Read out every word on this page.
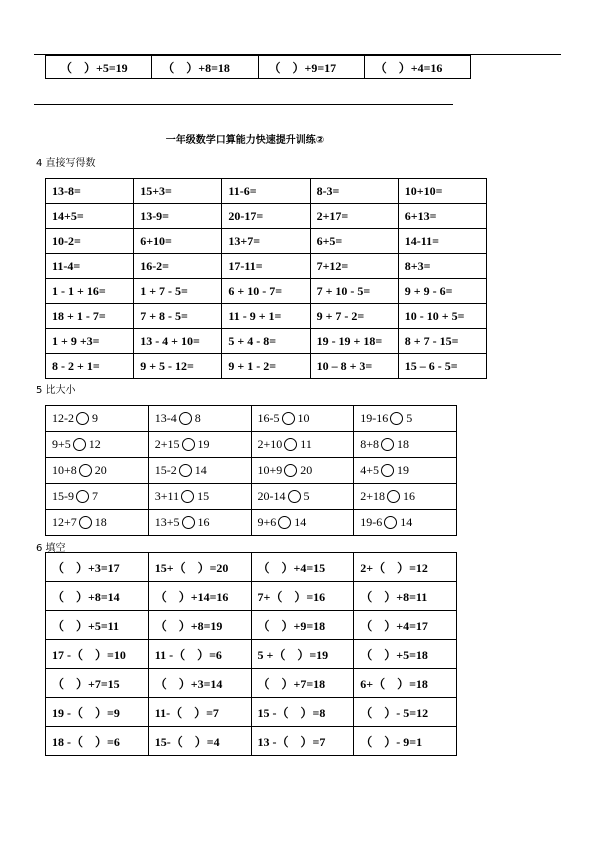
（　）+5=19	（　）+8=18	（　）+9=17	（　）+4=16
一年级数学口算能力快速提升训练②
4 直接写得数
13-8=	15+3=	11-6=	8-3=	10+10=
14+5=	13-9=	20-17=	2+17=	6+13=
10-2=	6+10=	13+7=	6+5=	14-11=
11-4=	16-2=	17-11=	7+12=	8+3=
1 - 1 + 16=	1 + 7 - 5=	6 + 10 - 7=	7 + 10 - 5=	9 + 9 - 6=
18 + 1 - 7=	7 + 8 - 5=	11 - 9 + 1=	9 + 7 - 2=	10 - 10 + 5=
1 + 9 +3=	13 - 4 + 10=	5 + 4 - 8=	19 - 19 + 18=	8 + 7 - 15=
8 - 2 + 1=	9 + 5 - 12=	9 + 1 - 2=	10 – 8 + 3=	15 – 6 - 5=
5 比大小
12-2 9	13-4 8	16-5 10	19-16 5
9+5 12	2+15 19	2+10 11	8+8 18
10+8 20	15-2 14	10+9 20	4+5 19
15-9 7	3+11 15	20-14 5	2+18 16
12+7 18	13+5 16	9+6 14	19-6 14
6 填空
（　）+3=17	15+（　）=20	（　）+4=15	2+（　）=12
（　）+8=14	（　）+14=16	7+（　）=16	（　）+8=11
（　）+5=11	（　）+8=19	（　）+9=18	（　）+4=17
17 -（　）=10	11 -（　）=6	5 +（　）=19	（　）+5=18
（　）+7=15	（　）+3=14	（　）+7=18	6+（　）=18
19 -（　）=9	11-（　）=7	15 -（　）=8	（　）- 5=12
18 -（　）=6	15-（　）=4	13 -（　）=7	（　）- 9=1
